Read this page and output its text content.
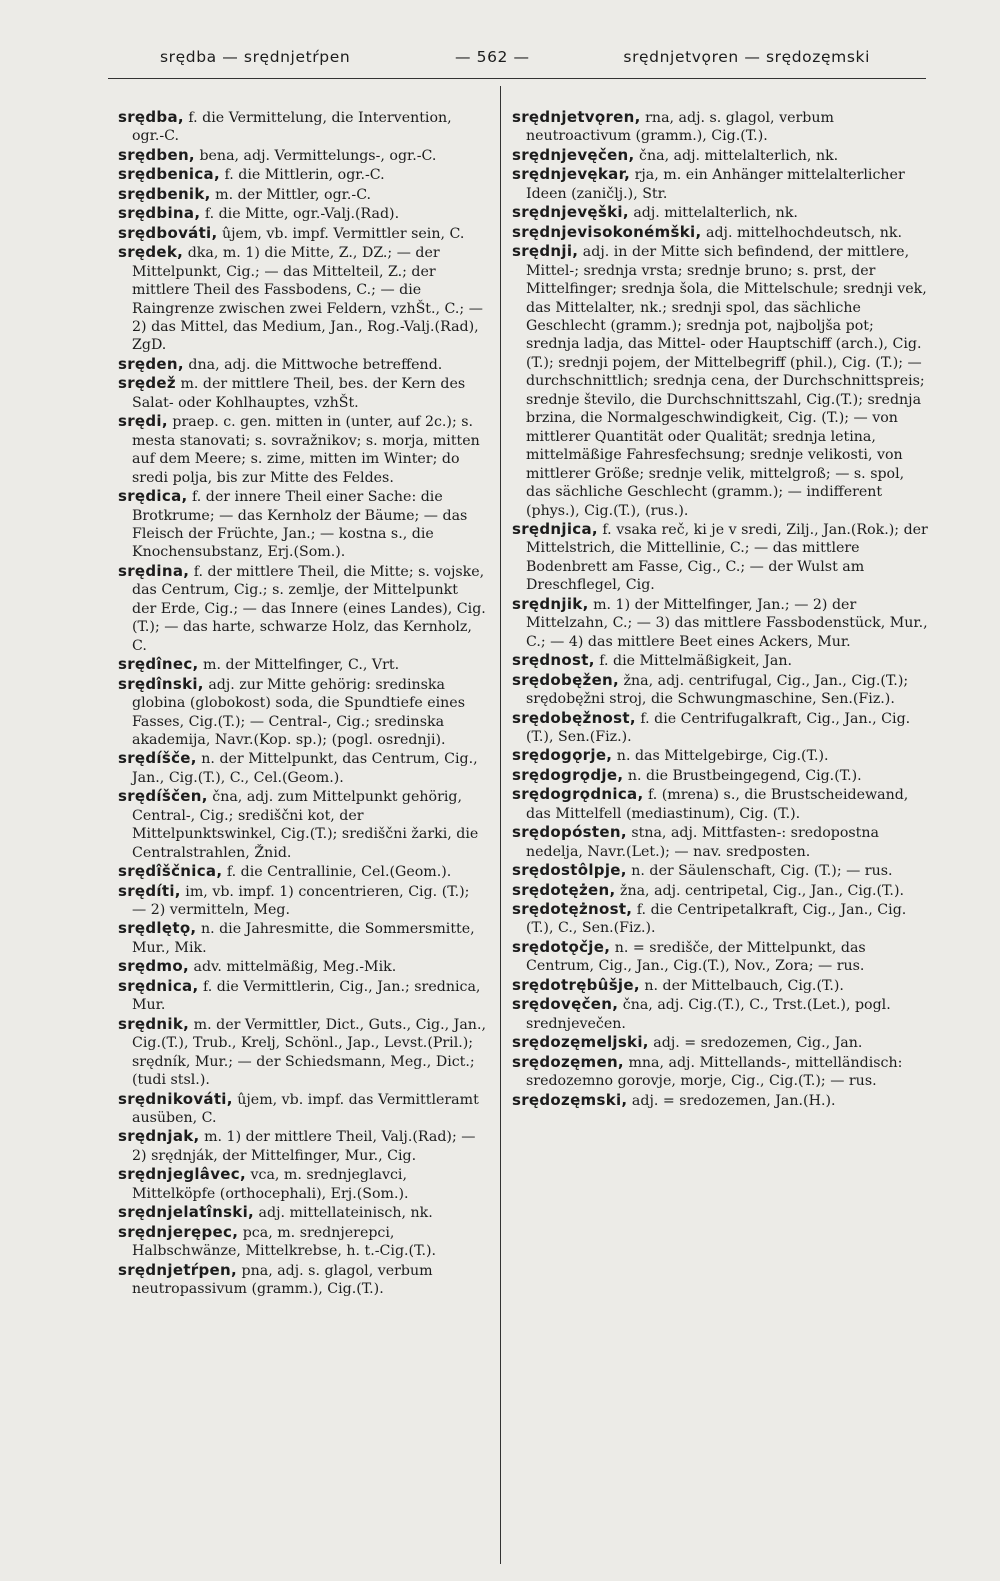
srędba — srędnjetŕpen	— 562 —	srędnjetvǫren — srędozęmski

srędba, f. die Vermittelung, die Intervention, ogr.-C.

srędben, bena, adj. Vermittelungs-, ogr.-C.

srędbenica, f. die Mittlerin, ogr.-C.

srędbenik, m. der Mittler, ogr.-C.

srędbina, f. die Mitte, ogr.-Valj.(Rad).

srędbováti, ûjem, vb. impf. Vermittler sein, C.

srędek, dka, m. 1) die Mitte, Z., DZ.; — der Mittelpunkt, Cig.; — das Mittelteil, Z.; der mittlere Theil des Fassbodens, C.; — die Raingrenze zwischen zwei Feldern, vzhŠt., C.; — 2) das Mittel, das Medium, Jan., Rog.-Valj.(Rad), ZgD.

sręden, dna, adj. die Mittwoche betreffend.

srędež m. der mittlere Theil, bes. der Kern des Salat- oder Kohlhauptes, vzhŠt.

srędi, praep. c. gen. mitten in (unter, auf 2c.); s. mesta stanovati; s. sovražnikov; s. morja, mitten auf dem Meere; s. zime, mitten im Winter; do sredi polja, bis zur Mitte des Feldes.

srędica, f. der innere Theil einer Sache: die Brotkrume; — das Kernholz der Bäume; — das Fleisch der Früchte, Jan.; — kostna s., die Knochensubstanz, Erj.(Som.).

srędina, f. der mittlere Theil, die Mitte; s. vojske, das Centrum, Cig.; s. zemlje, der Mittelpunkt der Erde, Cig.; — das Innere (eines Landes), Cig. (T.); — das harte, schwarze Holz, das Kernholz, C.

srędînec, m. der Mittelfinger, C., Vrt.

srędînski, adj. zur Mitte gehörig: sredinska globina (globokost) soda, die Spundtiefe eines Fasses, Cig.(T.); — Central-, Cig.; sredinska akademija, Navr.(Kop. sp.); (pogl. osrednji).

srędíšče, n. der Mittelpunkt, das Centrum, Cig., Jan., Cig.(T.), C., Cel.(Geom.).

srędíščen, čna, adj. zum Mittelpunkt gehörig, Central-, Cig.; središčni kot, der Mittelpunktswinkel, Cig.(T.); središčni žarki, die Centralstrahlen, Žnid.

srędîščnica, f. die Centrallinie, Cel.(Geom.).

srędíti, im, vb. impf. 1) concentrieren, Cig. (T.); — 2) vermitteln, Meg.

srędlętǫ, n. die Jahresmitte, die Sommersmitte, Mur., Mik.

srędmo, adv. mittelmäßig, Meg.-Mik.

srędnica, f. die Vermittlerin, Cig., Jan.; srednica, Mur.

srędnik, m. der Vermittler, Dict., Guts., Cig., Jan., Cig.(T.), Trub., Krelj, Schönl., Jap., Levst.(Pril.); srędník, Mur.; — der Schiedsmann, Meg., Dict.; (tudi stsl.).

srędnikováti, ûjem, vb. impf. das Vermittleramt ausüben, C.

srędnjak, m. 1) der mittlere Theil, Valj.(Rad); — 2) srędnják, der Mittelfinger, Mur., Cig.

srędnjeglâvec, vca, m. srednjeglavci, Mittelköpfe (orthocephali), Erj.(Som.).

srędnjelatînski, adj. mittellateinisch, nk.

srędnjerępec, pca, m. srednjerepci, Halbschwänze, Mittelkrebse, h. t.-Cig.(T.).

srędnjetŕpen, pna, adj. s. glagol, verbum neutropassivum (gramm.), Cig.(T.).

srędnjetvǫren, rna, adj. s. glagol, verbum neutroactivum (gramm.), Cig.(T.).

srędnjevęčen, čna, adj. mittelalterlich, nk.

srędnjevękar, rja, m. ein Anhänger mittelalterlicher Ideen (zaničlj.), Str.

srędnjevęški, adj. mittelalterlich, nk.

srędnjevisokonémški, adj. mittelhochdeutsch, nk.

srędnji, adj. in der Mitte sich befindend, der mittlere, Mittel-; srednja vrsta; srednje bruno; s. prst, der Mittelfinger; srednja šola, die Mittelschule; srednji vek, das Mittelalter, nk.; srednji spol, das sächliche Geschlecht (gramm.); srednja pot, najboljša pot; srednja ladja, das Mittel- oder Hauptschiff (arch.), Cig.(T.); srednji pojem, der Mittelbegriff (phil.), Cig. (T.); — durchschnittlich; srednja cena, der Durchschnittspreis; srednje število, die Durchschnittszahl, Cig.(T.); srednja brzina, die Normalgeschwindigkeit, Cig. (T.); — von mittlerer Quantität oder Qualität; srednja letina, mittelmäßige Fahresfechsung; srednje velikosti, von mittlerer Größe; srednje velik, mittelgroß; — s. spol, das sächliche Geschlecht (gramm.); — indifferent (phys.), Cig.(T.), (rus.).

srędnjica, f. vsaka reč, ki je v sredi, Zilj., Jan.(Rok.); der Mittelstrich, die Mittellinie, C.; — das mittlere Bodenbrett am Fasse, Cig., C.; — der Wulst am Dreschflegel, Cig.

srędnjik, m. 1) der Mittelfinger, Jan.; — 2) der Mittelzahn, C.; — 3) das mittlere Fassbodenstück, Mur., C.; — 4) das mittlere Beet eines Ackers, Mur.

srędnost, f. die Mittelmäßigkeit, Jan.

srędobęžen, žna, adj. centrifugal, Cig., Jan., Cig.(T.); srędobęžni stroj, die Schwungmaschine, Sen.(Fiz.).

srędobęžnost, f. die Centrifugalkraft, Cig., Jan., Cig.(T.), Sen.(Fiz.).

srędogǫrje, n. das Mittelgebirge, Cig.(T.).

srędogrǫdje, n. die Brustbeingegend, Cig.(T.).

srędogrǫdnica, f. (mrena) s., die Brustscheidewand, das Mittelfell (mediastinum), Cig. (T.).

srędopósten, stna, adj. Mittfasten-: sredopostna nedelja, Navr.(Let.); — nav. sredposten.

srędostôlpje, n. der Säulenschaft, Cig. (T.); — rus.

srędotężen, žna, adj. centripetal, Cig., Jan., Cig.(T.).

srędotężnost, f. die Centripetalkraft, Cig., Jan., Cig.(T.), C., Sen.(Fiz.).

srędotǫčje, n. = središče, der Mittelpunkt, das Centrum, Cig., Jan., Cig.(T.), Nov., Zora; — rus.

srędotrębûšje, n. der Mittelbauch, Cig.(T.).

srędovęčen, čna, adj. Cig.(T.), C., Trst.(Let.), pogl. srednjevečen.

srędozęmeljski, adj. = sredozemen, Cig., Jan.

srędozęmen, mna, adj. Mittellands-, mittelländisch: sredozemno gorovje, morje, Cig., Cig.(T.); — rus.

srędozęmski, adj. = sredozemen, Jan.(H.).
